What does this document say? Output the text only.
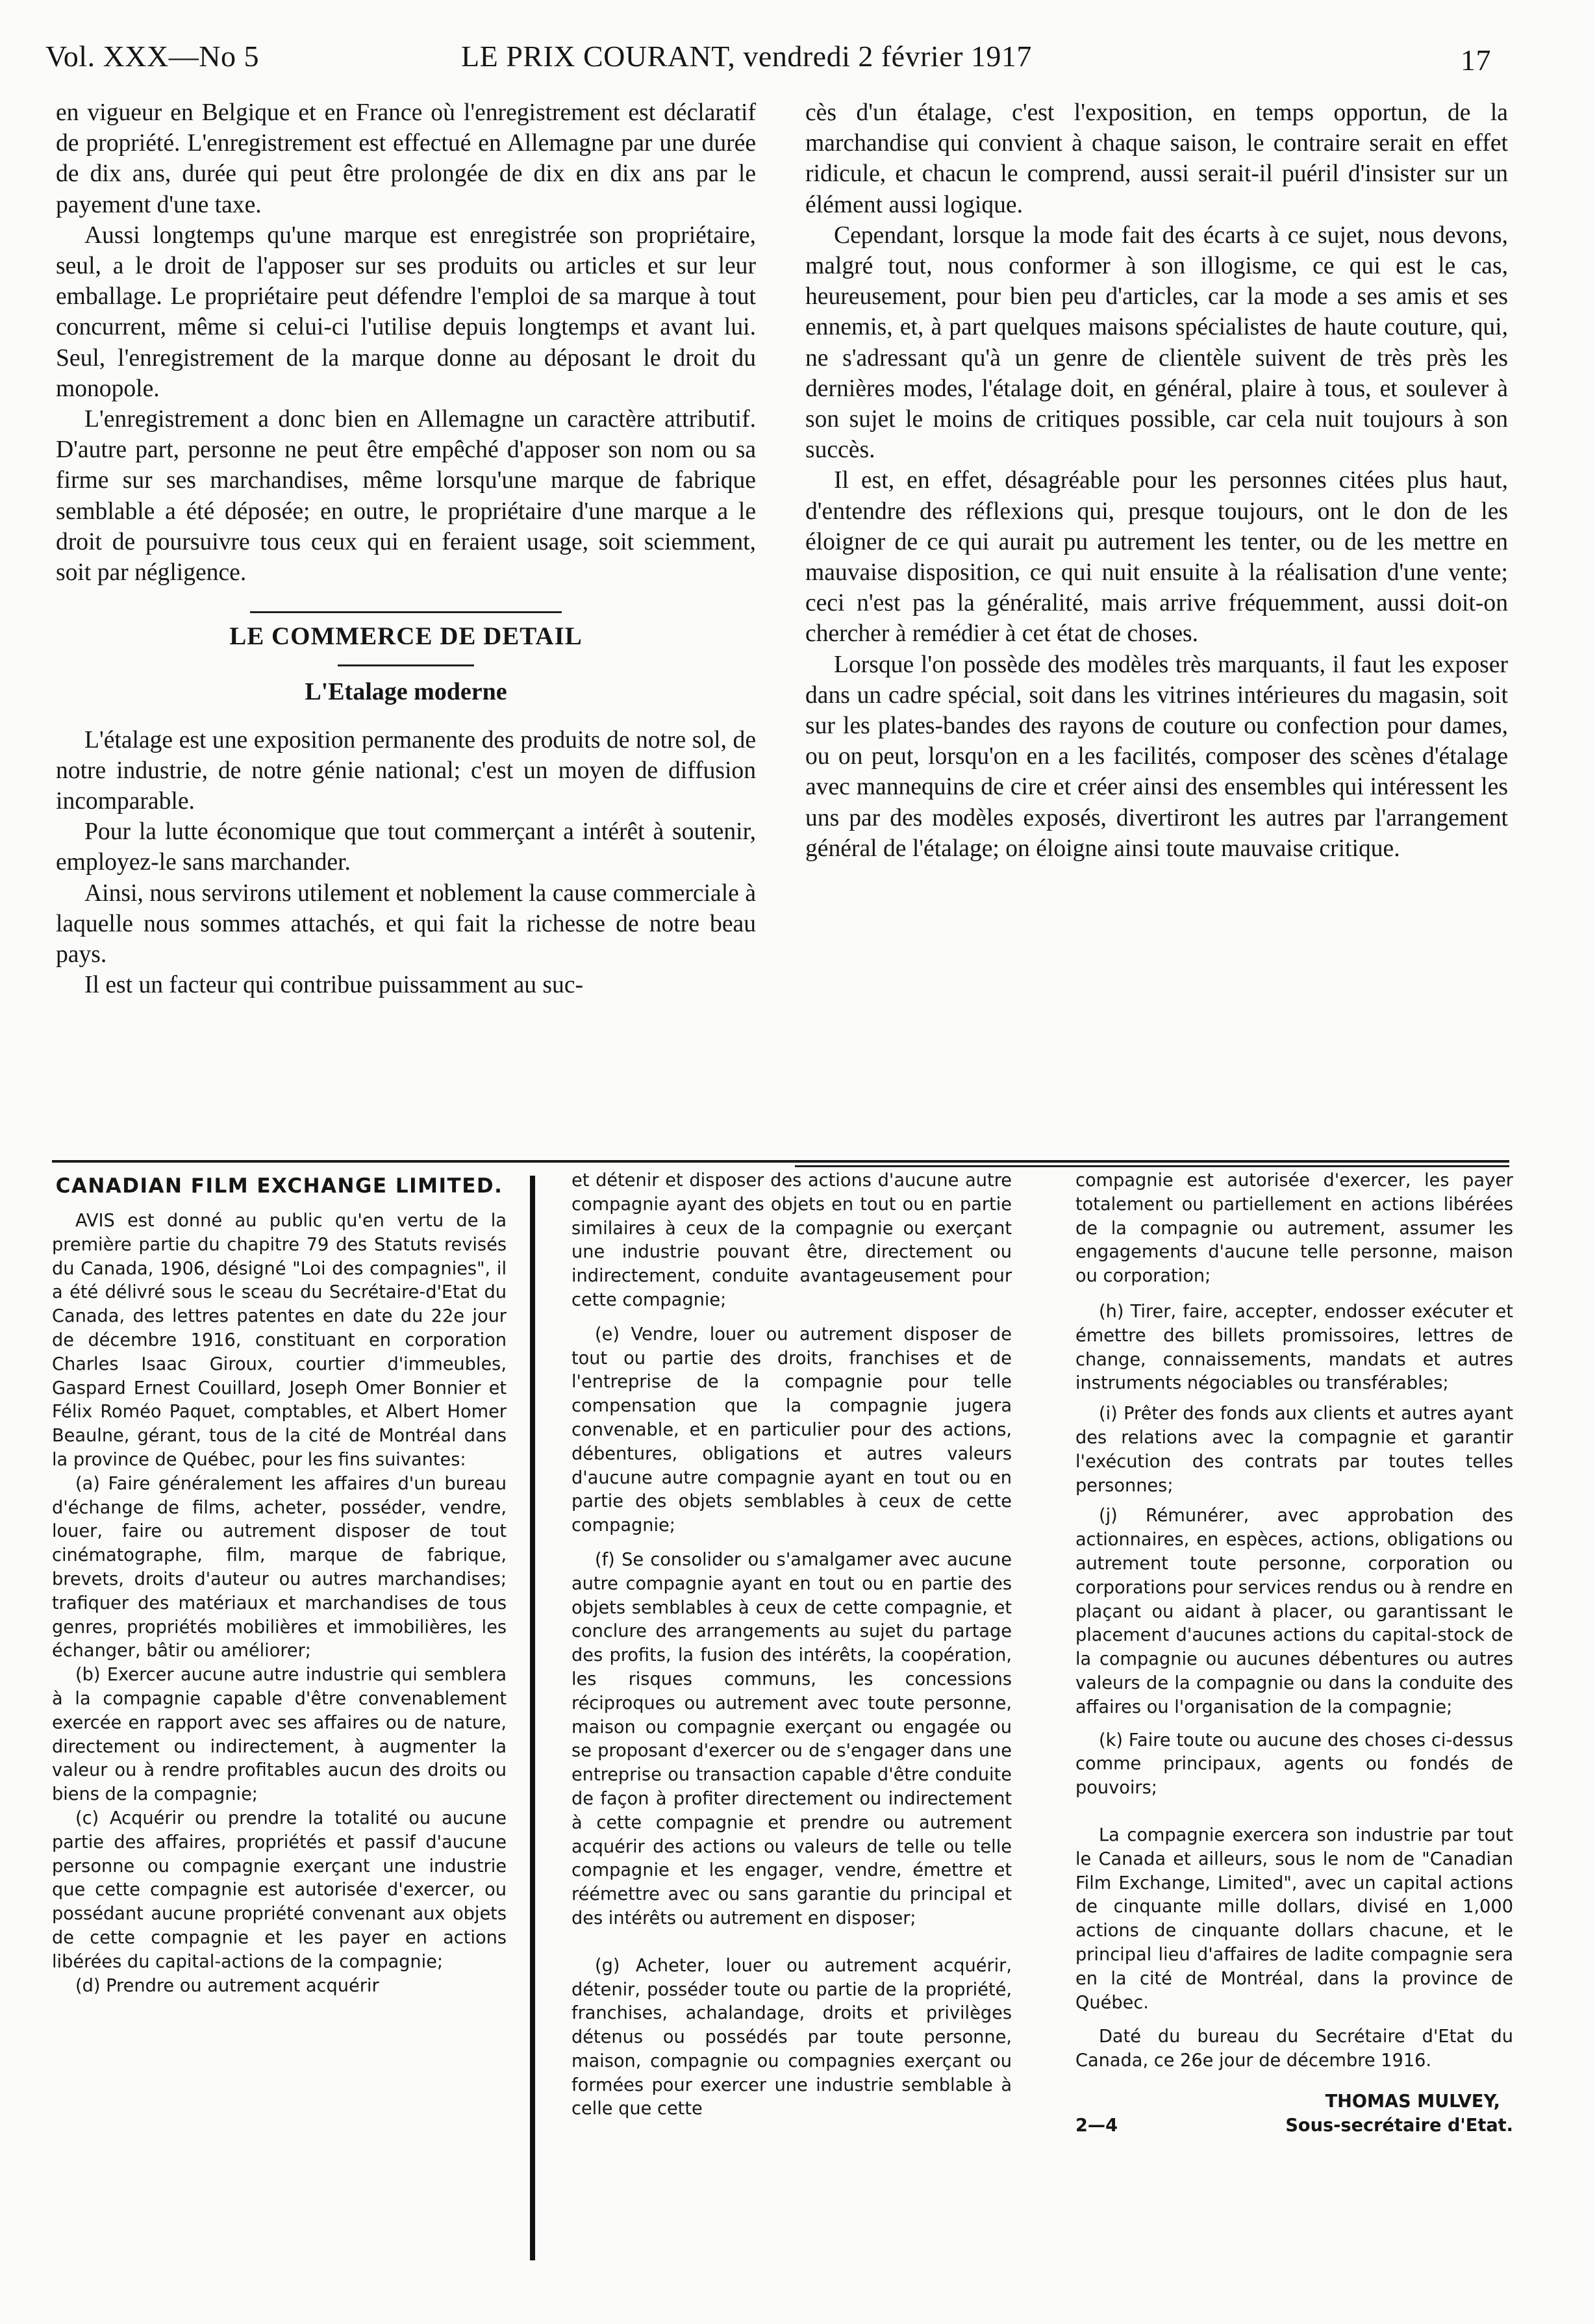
Vol. XXX—No 5	LE PRIX COURANT, vendredi 2 février 1917	17

en vigueur en Belgique et en France où l'enregistrement est déclaratif de propriété. L'enregistrement est effectué en Allemagne par une durée de dix ans, durée qui peut être prolongée de dix en dix ans par le payement d'une taxe.

Aussi longtemps qu'une marque est enregistrée son propriétaire, seul, a le droit de l'apposer sur ses produits ou articles et sur leur emballage. Le propriétaire peut défendre l'emploi de sa marque à tout concurrent, même si celui-ci l'utilise depuis longtemps et avant lui. Seul, l'enregistrement de la marque donne au déposant le droit du monopole.

L'enregistrement a donc bien en Allemagne un caractère attributif. D'autre part, personne ne peut être empêché d'apposer son nom ou sa firme sur ses marchandises, même lorsqu'une marque de fabrique semblable a été déposée; en outre, le propriétaire d'une marque a le droit de poursuivre tous ceux qui en feraient usage, soit sciemment, soit par négligence.

LE COMMERCE DE DETAIL
L'Etalage moderne

L'étalage est une exposition permanente des produits de notre sol, de notre industrie, de notre génie national; c'est un moyen de diffusion incomparable.

Pour la lutte économique que tout commerçant a intérêt à soutenir, employez-le sans marchander.

Ainsi, nous servirons utilement et noblement la cause commerciale à laquelle nous sommes attachés, et qui fait la richesse de notre beau pays.

Il est un facteur qui contribue puissamment au suc-

cès d'un étalage, c'est l'exposition, en temps opportun, de la marchandise qui convient à chaque saison, le contraire serait en effet ridicule, et chacun le comprend, aussi serait-il puéril d'insister sur un élément aussi logique.

Cependant, lorsque la mode fait des écarts à ce sujet, nous devons, malgré tout, nous conformer à son illogisme, ce qui est le cas, heureusement, pour bien peu d'articles, car la mode a ses amis et ses ennemis, et, à part quelques maisons spécialistes de haute couture, qui, ne s'adressant qu'à un genre de clientèle suivent de très près les dernières modes, l'étalage doit, en général, plaire à tous, et soulever à son sujet le moins de critiques possible, car cela nuit toujours à son succès.

Il est, en effet, désagréable pour les personnes citées plus haut, d'entendre des réflexions qui, presque toujours, ont le don de les éloigner de ce qui aurait pu autrement les tenter, ou de les mettre en mauvaise disposition, ce qui nuit ensuite à la réalisation d'une vente; ceci n'est pas la généralité, mais arrive fréquemment, aussi doit-on chercher à remédier à cet état de choses.

Lorsque l'on possède des modèles très marquants, il faut les exposer dans un cadre spécial, soit dans les vitrines intérieures du magasin, soit sur les plates-bandes des rayons de couture ou confection pour dames, ou on peut, lorsqu'on en a les facilités, composer des scènes d'étalage avec mannequins de cire et créer ainsi des ensembles qui intéressent les uns par des modèles exposés, divertiront les autres par l'arrangement général de l'étalage; on éloigne ainsi toute mauvaise critique.

CANADIAN FILM EXCHANGE LIMITED.

AVIS est donné au public qu'en vertu de la première partie du chapitre 79 des Statuts revisés du Canada, 1906, désigné "Loi des compagnies", il a été délivré sous le sceau du Secrétaire-d'Etat du Canada, des lettres patentes en date du 22e jour de décembre 1916, constituant en corporation Charles Isaac Giroux, courtier d'immeubles, Gaspard Ernest Couillard, Joseph Omer Bonnier et Félix Roméo Paquet, comptables, et Albert Homer Beaulne, gérant, tous de la cité de Montréal dans la province de Québec, pour les fins suivantes:

(a) Faire généralement les affaires d'un bureau d'échange de films, acheter, posséder, vendre, louer, faire ou autrement disposer de tout cinématographe, film, marque de fabrique, brevets, droits d'auteur ou autres marchandises; trafiquer des matériaux et marchandises de tous genres, propriétés mobilières et immobilières, les échanger, bâtir ou améliorer;

(b) Exercer aucune autre industrie qui semblera à la compagnie capable d'être convenablement exercée en rapport avec ses affaires ou de nature, directement ou indirectement, à augmenter la valeur ou à rendre profitables aucun des droits ou biens de la compagnie;

(c) Acquérir ou prendre la totalité ou aucune partie des affaires, propriétés et passif d'aucune personne ou compagnie exerçant une industrie que cette compagnie est autorisée d'exercer, ou possédant aucune propriété convenant aux objets de cette compagnie et les payer en actions libérées du capital-actions de la compagnie;

(d) Prendre ou autrement acquérir

et détenir et disposer des actions d'aucune autre compagnie ayant des objets en tout ou en partie similaires à ceux de la compagnie ou exerçant une industrie pouvant être, directement ou indirectement, conduite avantageusement pour cette compagnie;

(e) Vendre, louer ou autrement disposer de tout ou partie des droits, franchises et de l'entreprise de la compagnie pour telle compensation que la compagnie jugera convenable, et en particulier pour des actions, débentures, obligations et autres valeurs d'aucune autre compagnie ayant en tout ou en partie des objets semblables à ceux de cette compagnie;

(f) Se consolider ou s'amalgamer avec aucune autre compagnie ayant en tout ou en partie des objets semblables à ceux de cette compagnie, et conclure des arrangements au sujet du partage des profits, la fusion des intérêts, la coopération, les risques communs, les concessions réciproques ou autrement avec toute personne, maison ou compagnie exerçant ou engagée ou se proposant d'exercer ou de s'engager dans une entreprise ou transaction capable d'être conduite de façon à profiter directement ou indirectement à cette compagnie et prendre ou autrement acquérir des actions ou valeurs de telle ou telle compagnie et les engager, vendre, émettre et réémettre avec ou sans garantie du principal et des intérêts ou autrement en disposer;

(g) Acheter, louer ou autrement acquérir, détenir, posséder toute ou partie de la propriété, franchises, achalandage, droits et privilèges détenus ou possédés par toute personne, maison, compagnie ou compagnies exerçant ou formées pour exercer une industrie semblable à celle que cette

compagnie est autorisée d'exercer, les payer totalement ou partiellement en actions libérées de la compagnie ou autrement, assumer les engagements d'aucune telle personne, maison ou corporation;

(h) Tirer, faire, accepter, endosser exécuter et émettre des billets promissoires, lettres de change, connaissements, mandats et autres instruments négociables ou transférables;

(i) Prêter des fonds aux clients et autres ayant des relations avec la compagnie et garantir l'exécution des contrats par toutes telles personnes;

(j) Rémunérer, avec approbation des actionnaires, en espèces, actions, obligations ou autrement toute personne, corporation ou corporations pour services rendus ou à rendre en plaçant ou aidant à placer, ou garantissant le placement d'aucunes actions du capital-stock de la compagnie ou aucunes débentures ou autres valeurs de la compagnie ou dans la conduite des affaires ou l'organisation de la compagnie;

(k) Faire toute ou aucune des choses ci-dessus comme principaux, agents ou fondés de pouvoirs;

La compagnie exercera son industrie par tout le Canada et ailleurs, sous le nom de "Canadian Film Exchange, Limited", avec un capital actions de cinquante mille dollars, divisé en 1,000 actions de cinquante dollars chacune, et le principal lieu d'affaires de ladite compagnie sera en la cité de Montréal, dans la province de Québec.

Daté du bureau du Secrétaire d'Etat du Canada, ce 26e jour de décembre 1916.

THOMAS MULVEY,
2—4	Sous-secrétaire d'Etat.
